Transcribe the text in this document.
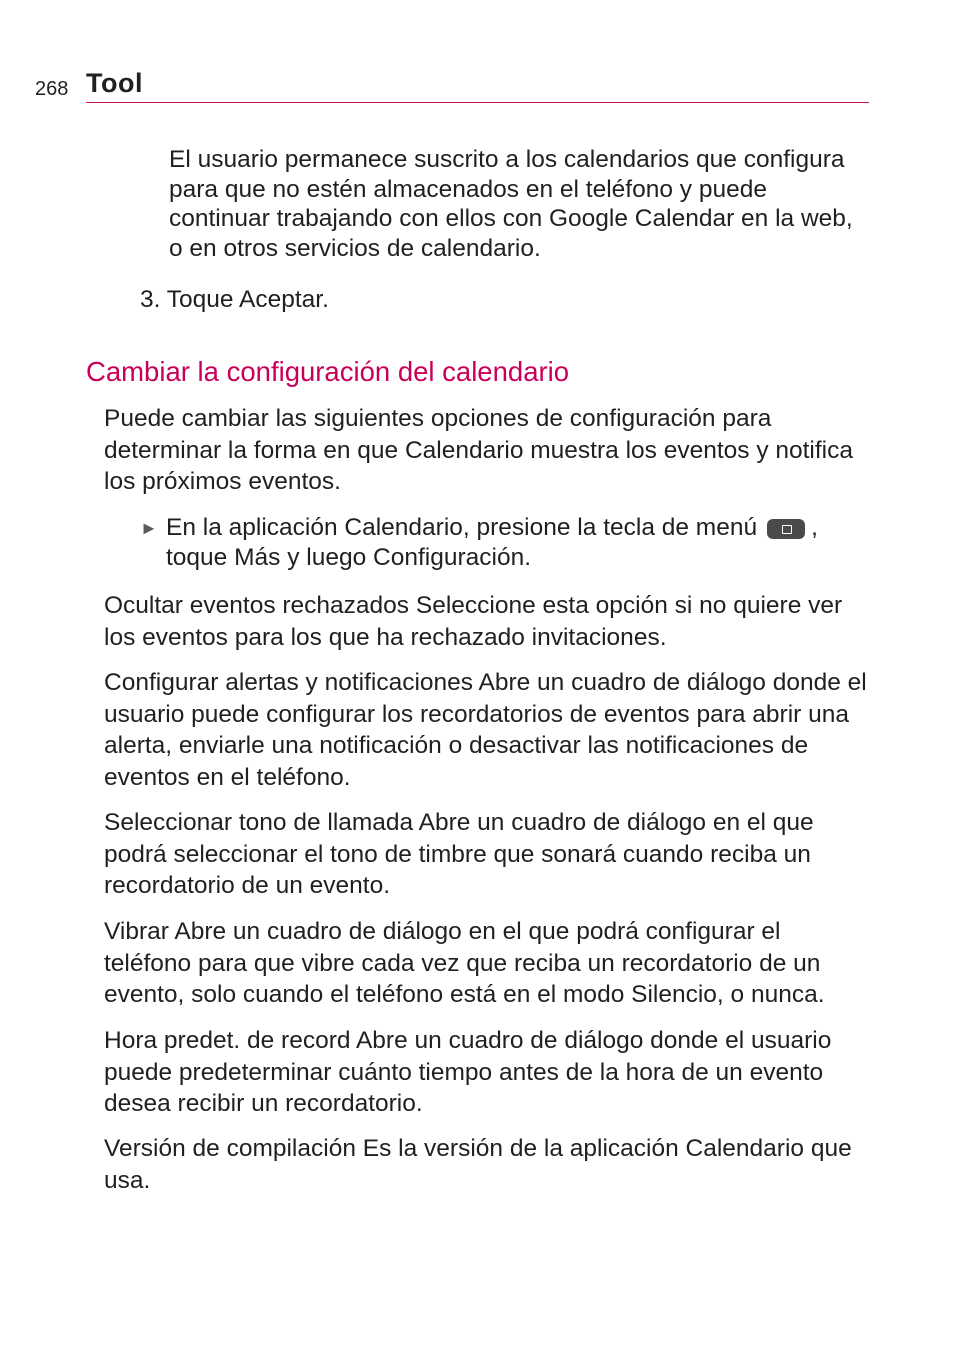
268 Tool

El usuario permanece suscrito a los calendarios que configura para que no estén almacenados en el teléfono y puede continuar trabajando con ellos con Google Calendar en la web, o en otros servicios de calendario.

3. Toque Aceptar.

Cambiar la configuración del calendario

Puede cambiar las siguientes opciones de configuración para determinar la forma en que Calendario muestra los eventos y notifica los próximos eventos.

► En la aplicación Calendario, presione la tecla de menú , toque Más y luego Configuración.

Ocultar eventos rechazados Seleccione esta opción si no quiere ver los eventos para los que ha rechazado invitaciones.

Configurar alertas y notificaciones Abre un cuadro de diálogo donde el usuario puede configurar los recordatorios de eventos para abrir una alerta, enviarle una notificación o desactivar las notificaciones de eventos en el teléfono.

Seleccionar tono de llamada Abre un cuadro de diálogo en el que podrá seleccionar el tono de timbre que sonará cuando reciba un recordatorio de un evento.

Vibrar Abre un cuadro de diálogo en el que podrá configurar el teléfono para que vibre cada vez que reciba un recordatorio de un evento, solo cuando el teléfono está en el modo Silencio, o nunca.

Hora predet. de record Abre un cuadro de diálogo donde el usuario puede predeterminar cuánto tiempo antes de la hora de un evento desea recibir un recordatorio.

Versión de compilación Es la versión de la aplicación Calendario que usa.
